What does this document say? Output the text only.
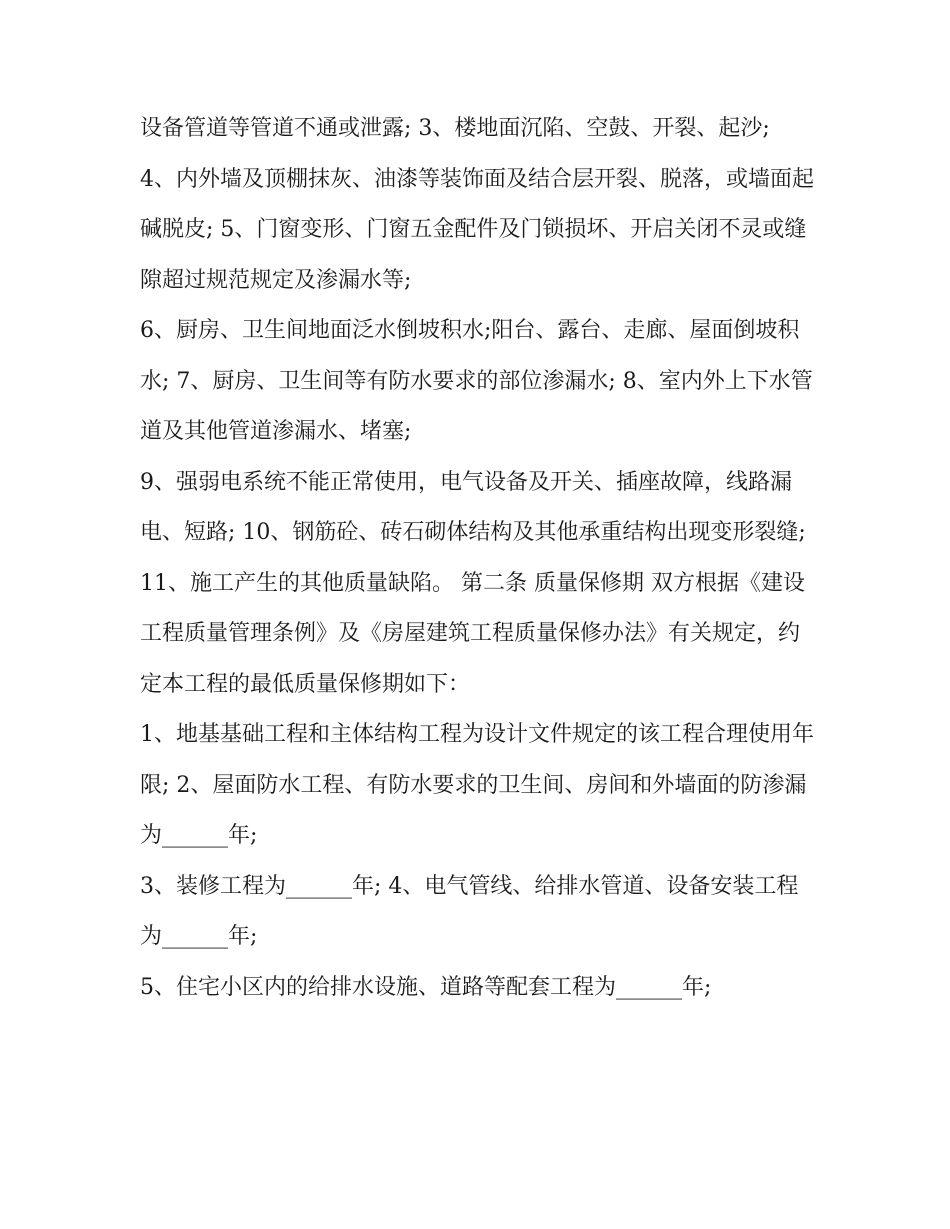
设备管道等管道不通或泄露; 3、楼地面沉陷、空鼓、开裂、起沙;

4、内外墙及顶棚抹灰、油漆等装饰面及结合层开裂、脱落，或墙面起碱脱皮; 5、门窗变形、门窗五金配件及门锁损坏、开启关闭不灵或缝隙超过规范规定及渗漏水等;

6、厨房、卫生间地面泛水倒坡积水;阳台、露台、走廊、屋面倒坡积水; 7、厨房、卫生间等有防水要求的部位渗漏水; 8、室内外上下水管道及其他管道渗漏水、堵塞;

9、强弱电系统不能正常使用，电气设备及开关、插座故障，线路漏电、短路; 10、钢筋砼、砖石砌体结构及其他承重结构出现变形裂缝;

11、施工产生的其他质量缺陷。 第二条 质量保修期 双方根据《建设工程质量管理条例》及《房屋建筑工程质量保修办法》有关规定，约定本工程的最低质量保修期如下：

1、地基基础工程和主体结构工程为设计文件规定的该工程合理使用年限; 2、屋面防水工程、有防水要求的卫生间、房间和外墙面的防渗漏为______年;

3、装修工程为______年; 4、电气管线、给排水管道、设备安装工程为______年;

5、住宅小区内的给排水设施、道路等配套工程为______年;
